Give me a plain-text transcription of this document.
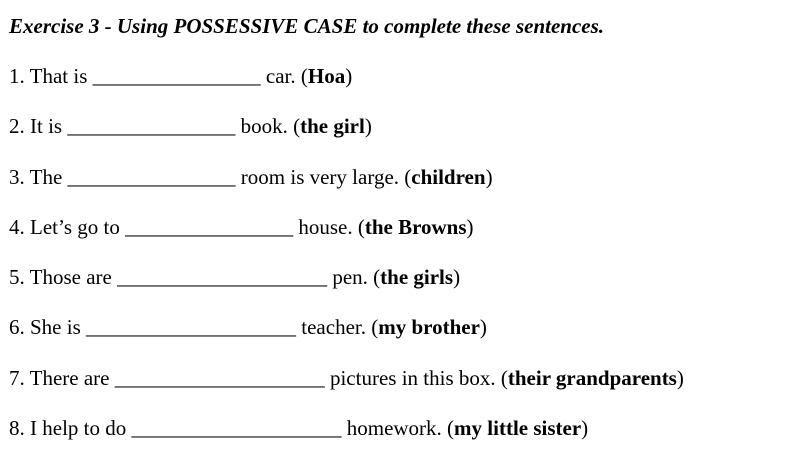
Exercise 3 - Using POSSESSIVE CASE to complete these sentences.
1. That is ________________ car. (Hoa)
2. It is ________________ book. (the girl)
3. The ________________ room is very large. (children)
4. Let’s go to ________________ house. (the Browns)
5. Those are ____________________ pen. (the girls)
6. She is ____________________ teacher. (my brother)
7. There are ____________________ pictures in this box. (their grandparents)
8. I help to do ____________________ homework. (my little sister)
